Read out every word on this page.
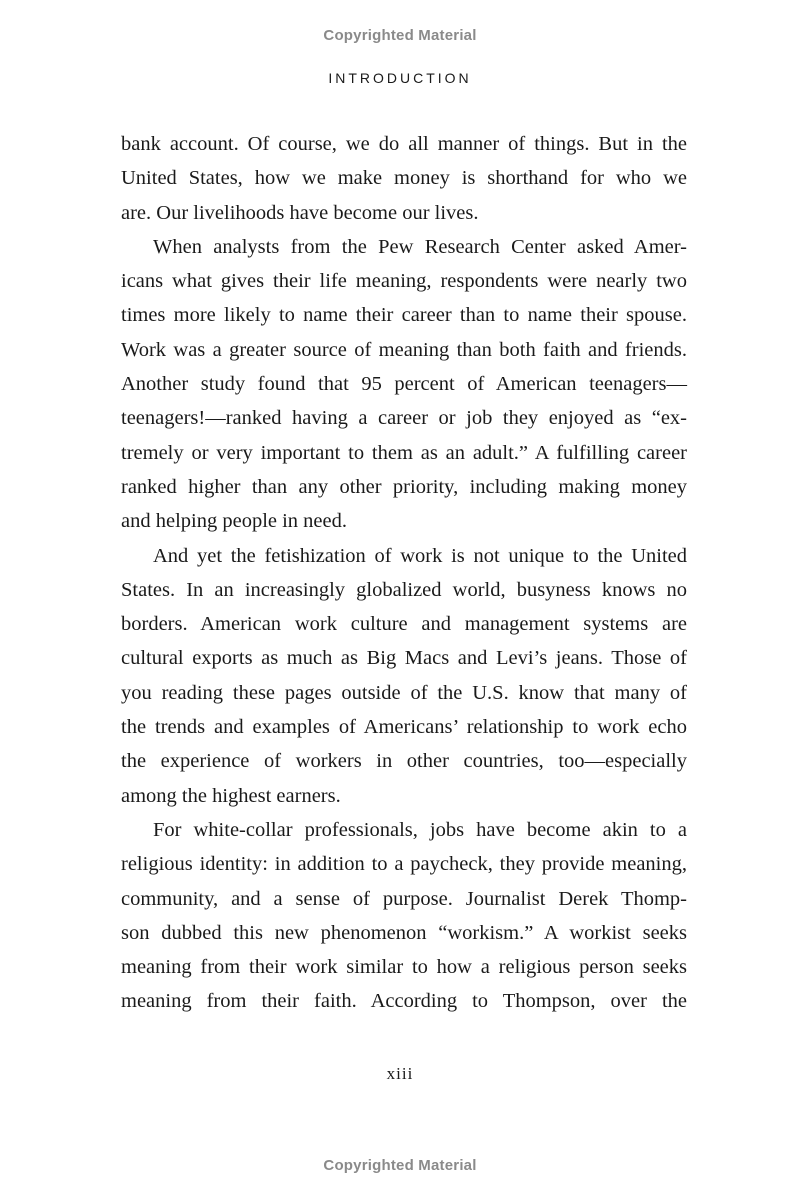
Copyrighted Material
INTRODUCTION

bank account. Of course, we do all manner of things. But in the
United States, how we make money is shorthand for who we
are. Our livelihoods have become our lives.

When analysts from the Pew Research Center asked Amer-
icans what gives their life meaning, respondents were nearly two
times more likely to name their career than to name their spouse.
Work was a greater source of meaning than both faith and friends.
Another study found that 95 percent of American teenagers—
teenagers!—ranked having a career or job they enjoyed as “ex-
tremely or very important to them as an adult.” A fulfilling career
ranked higher than any other priority, including making money
and helping people in need.

And yet the fetishization of work is not unique to the United
States. In an increasingly globalized world, busyness knows no
borders. American work culture and management systems are
cultural exports as much as Big Macs and Levi’s jeans. Those of
you reading these pages outside of the U.S. know that many of
the trends and examples of Americans’ relationship to work echo
the experience of workers in other countries, too—especially
among the highest earners.

For white-collar professionals, jobs have become akin to a
religious identity: in addition to a paycheck, they provide meaning,
community, and a sense of purpose. Journalist Derek Thomp-
son dubbed this new phenomenon “workism.” A workist seeks
meaning from their work similar to how a religious person seeks
meaning from their faith. According to Thompson, over the

xiii
Copyrighted Material
